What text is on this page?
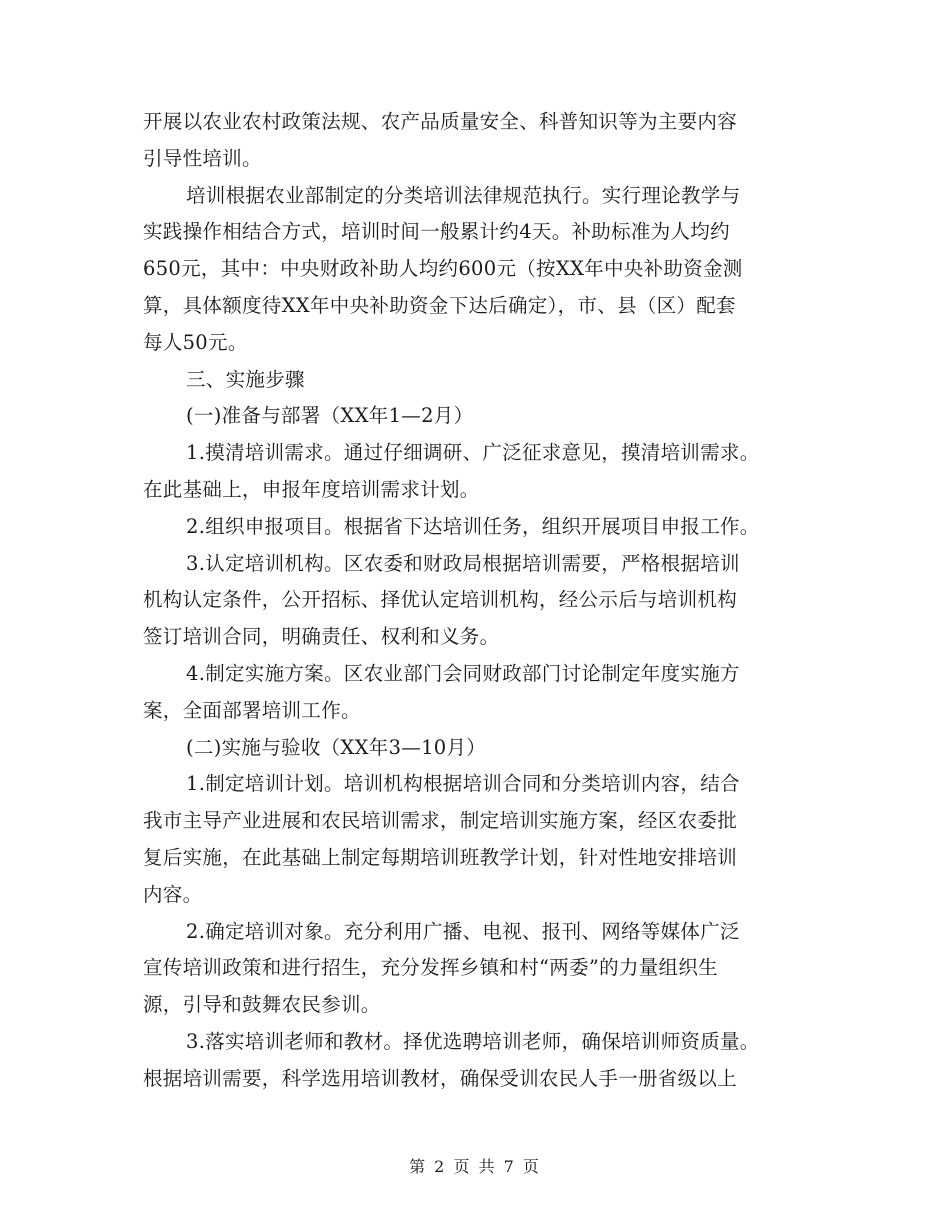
开展以农业农村政策法规、农产品质量安全、科普知识等为主要内容
引导性培训。
培训根据农业部制定的分类培训法律规范执行。实行理论教学与
实践操作相结合方式，培训时间一般累计约4天。补助标准为人均约
650元，其中：中央财政补助人均约600元（按XX年中央补助资金测
算，具体额度待XX年中央补助资金下达后确定），市、县（区）配套
每人50元。
三、实施步骤
(一)准备与部署（XX年1—2月）
1.摸清培训需求。通过仔细调研、广泛征求意见，摸清培训需求。
在此基础上，申报年度培训需求计划。
2.组织申报项目。根据省下达培训任务，组织开展项目申报工作。
3.认定培训机构。区农委和财政局根据培训需要，严格根据培训
机构认定条件，公开招标、择优认定培训机构，经公示后与培训机构
签订培训合同，明确责任、权利和义务。
4.制定实施方案。区农业部门会同财政部门讨论制定年度实施方
案，全面部署培训工作。
(二)实施与验收（XX年3—10月）
1.制定培训计划。培训机构根据培训合同和分类培训内容，结合
我市主导产业进展和农民培训需求，制定培训实施方案，经区农委批
复后实施，在此基础上制定每期培训班教学计划，针对性地安排培训
内容。
2.确定培训对象。充分利用广播、电视、报刊、网络等媒体广泛
宣传培训政策和进行招生，充分发挥乡镇和村“两委”的力量组织生
源，引导和鼓舞农民参训。
3.落实培训老师和教材。择优选聘培训老师，确保培训师资质量。
根据培训需要，科学选用培训教材，确保受训农民人手一册省级以上
第 2 页 共 7 页
